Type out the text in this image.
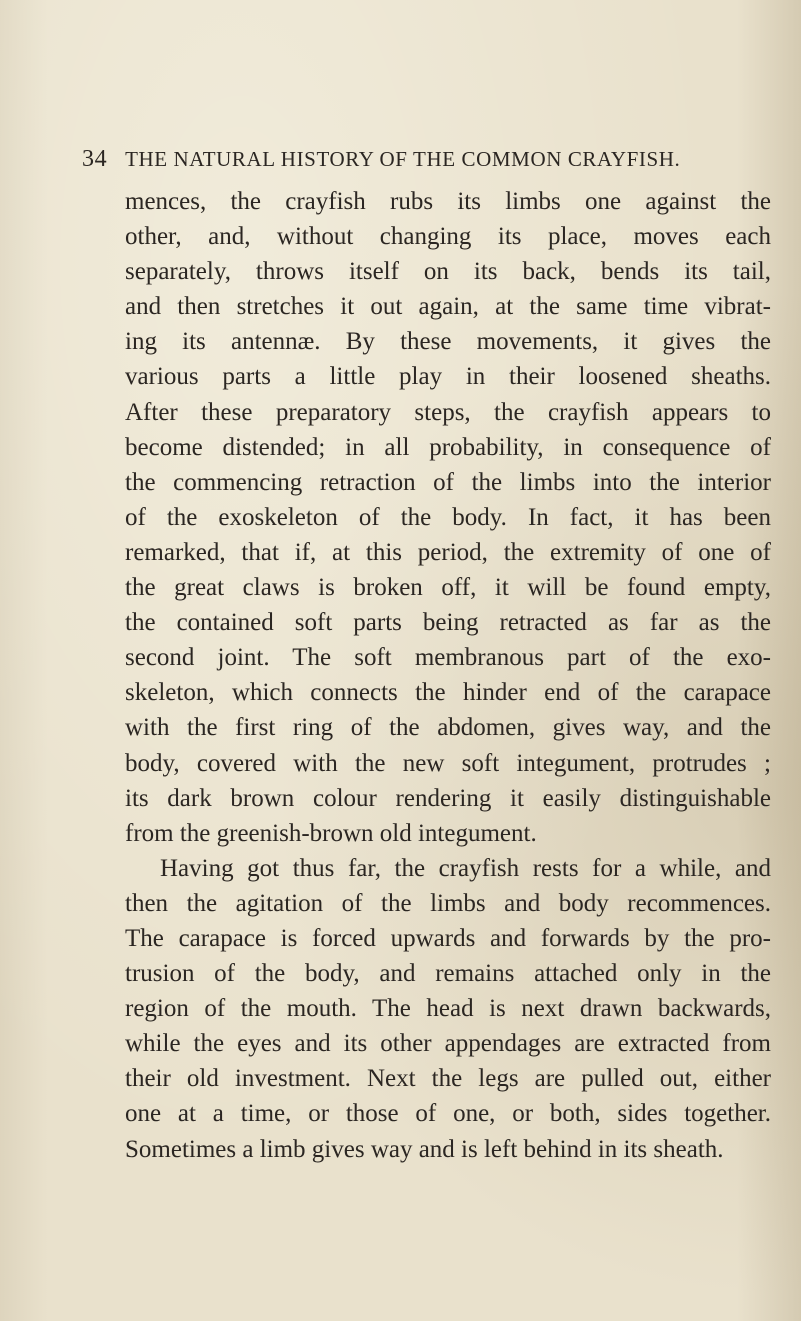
34 THE NATURAL HISTORY OF THE COMMON CRAYFISH.
mences, the crayfish rubs its limbs one against the
other, and, without changing its place, moves each
separately, throws itself on its back, bends its tail,
and then stretches it out again, at the same time vibrat-
ing its antennæ. By these movements, it gives the
various parts a little play in their loosened sheaths.
After these preparatory steps, the crayfish appears to
become distended; in all probability, in consequence of
the commencing retraction of the limbs into the interior
of the exoskeleton of the body. In fact, it has been
remarked, that if, at this period, the extremity of one of
the great claws is broken off, it will be found empty,
the contained soft parts being retracted as far as the
second joint. The soft membranous part of the exo-
skeleton, which connects the hinder end of the carapace
with the first ring of the abdomen, gives way, and the
body, covered with the new soft integument, protrudes ;
its dark brown colour rendering it easily distinguishable
from the greenish-brown old integument.
Having got thus far, the crayfish rests for a while, and
then the agitation of the limbs and body recommences.
The carapace is forced upwards and forwards by the pro-
trusion of the body, and remains attached only in the
region of the mouth. The head is next drawn backwards,
while the eyes and its other appendages are extracted from
their old investment. Next the legs are pulled out, either
one at a time, or those of one, or both, sides together.
Sometimes a limb gives way and is left behind in its sheath.
